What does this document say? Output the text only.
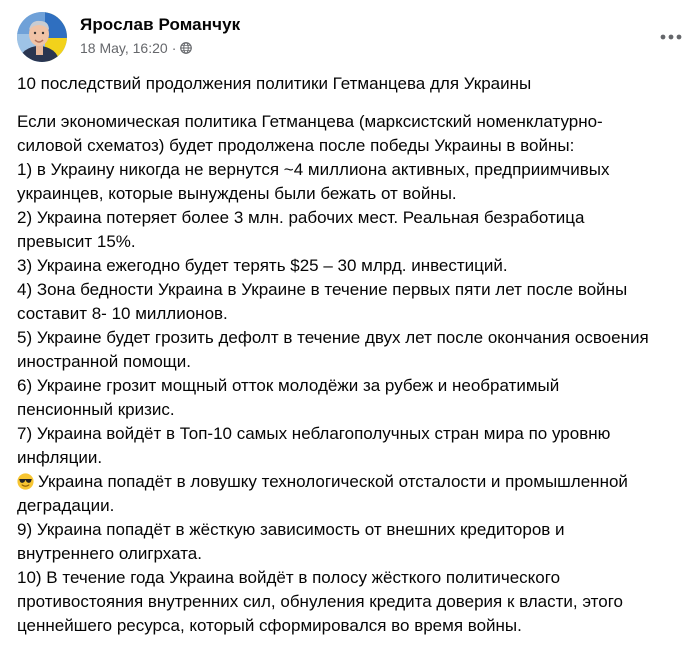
Ярослав Романчук
18 May, 16:20 ·

10 последствий продолжения политики Гетманцева для Украины

Если экономическая политика Гетманцева (марксистский номенклатурно-
силовой схематоз) будет продолжена после победы Украины в войны:
1) в Украину никогда не вернутся ~4 миллиона активных, предприимчивых
украинцев, которые вынуждены были бежать от войны.
2) Украина потеряет более 3 млн. рабочих мест. Реальная безработица
превысит 15%.
3) Украина ежегодно будет терять $25 – 30 млрд. инвестиций.
4) Зона бедности Украина в Украине в течение первых пяти лет после войны
составит 8- 10 миллионов.
5) Украине будет грозить дефолт в течение двух лет после окончания освоения
иностранной помощи.
6) Украине грозит мощный отток молодёжи за рубеж и необратимый
пенсионный кризис.
7) Украина войдёт в Топ-10 самых неблагополучных стран мира по уровню
инфляции.
Украина попадёт в ловушку технологической отсталости и промышленной
деградации.
9) Украина попадёт в жёсткую зависимость от внешних кредиторов и
внутреннего олигрхата.
10) В течение года Украина войдёт в полосу жёсткого политического
противостояния внутренних сил, обнуления кредита доверия к власти, этого
ценнейшего ресурса, который сформировался во время войны.
